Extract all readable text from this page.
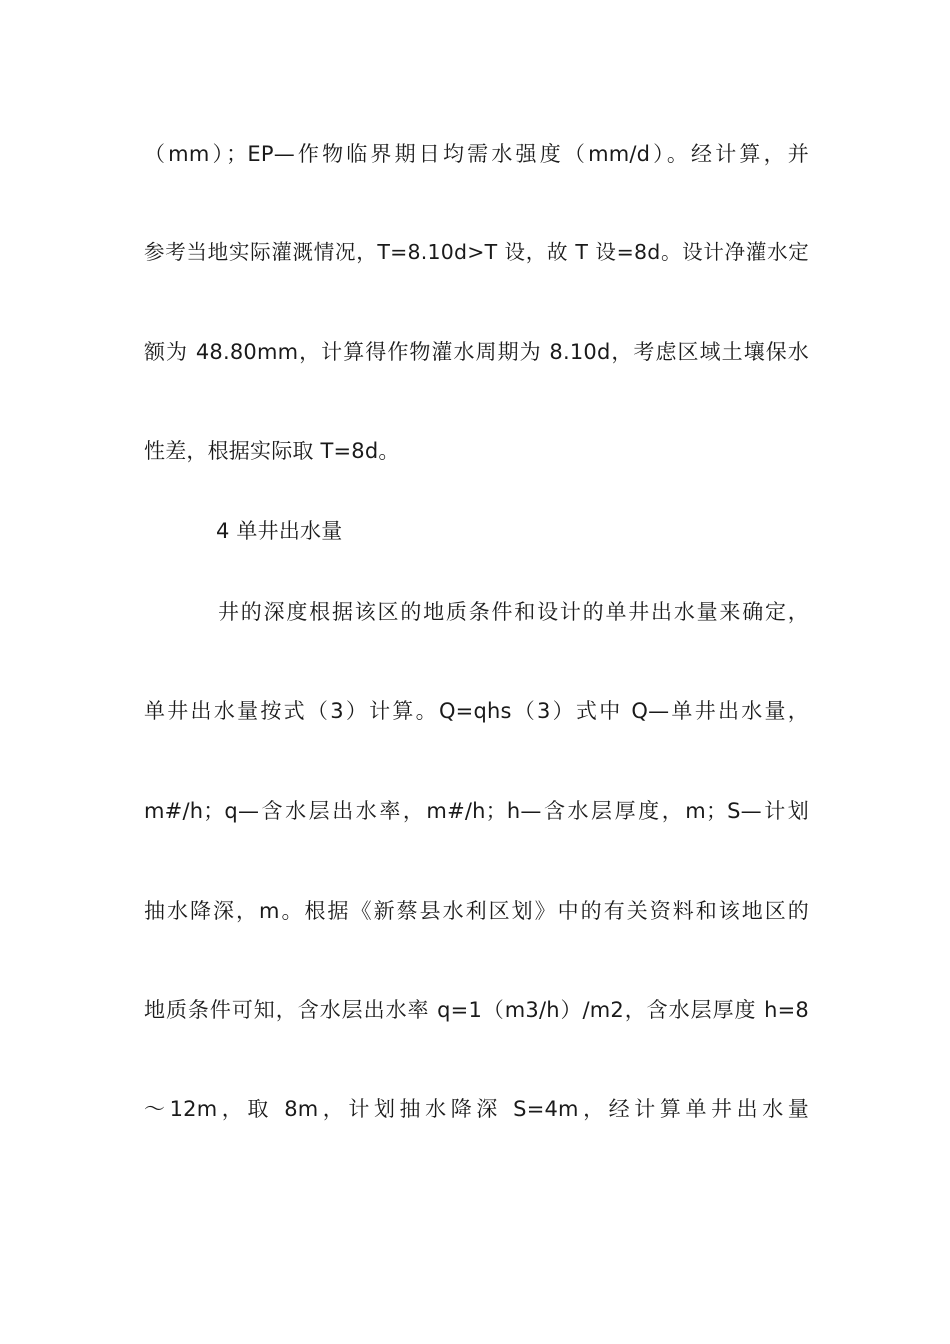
（mm）；EP—作物临界期日均需水强度（mm/d）。经计算，并
参考当地实际灌溉情况，T=8.10d>T 设，故 T 设=8d。设计净灌水定
额为 48.80mm，计算得作物灌水周期为 8.10d，考虑区域土壤保水
性差，根据实际取 T=8d。
4 单井出水量
井的深度根据该区的地质条件和设计的单井出水量来确定，
单井出水量按式（3）计算。Q=qhs（3）式中 Q—单井出水量，
m#/h；q—含水层出水率，m#/h；h—含水层厚度，m；S—计划
抽水降深，m。根据《新蔡县水利区划》中的有关资料和该地区的
地质条件可知，含水层出水率 q=1（m3/h）/m2，含水层厚度 h=8
～12m，取 8m，计划抽水降深 S=4m，经计算单井出水量
